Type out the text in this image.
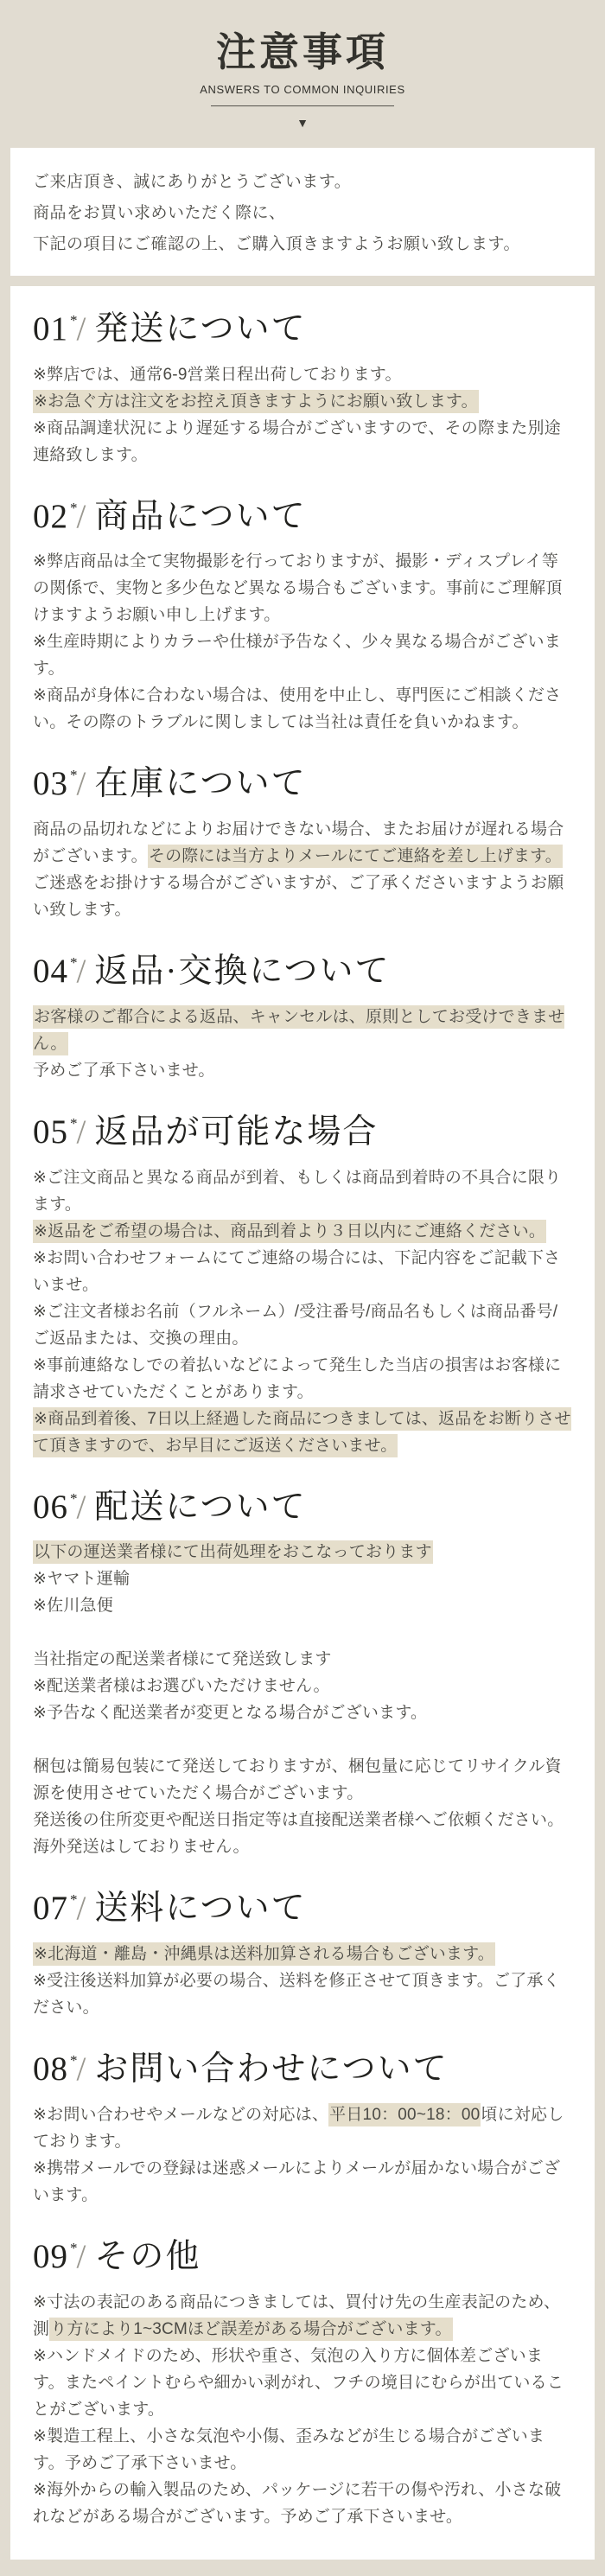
注意事項
ANSWERS TO COMMON INQUIRIES
▼

ご来店頂き、誠にありがとうございます。

商品をお買い求めいただく際に、

下記の項目にご確認の上、ご購入頂きますようお願い致します。

01 */ 発送について

※弊店では、通常6-9営業日程出荷しております。

※お急ぐ方は注文をお控え頂きますようにお願い致します。

※商品調達状況により遅延する場合がございますので、その際また別途連絡致します。

02 */ 商品について

※弊店商品は全て実物撮影を行っておりますが、撮影・ディスプレイ等の関係で、実物と多少色など異なる場合もございます。事前にご理解頂けますようお願い申し上げます。

※生産時期によりカラーや仕様が予告なく、少々異なる場合がございます。

※商品が身体に合わない場合は、使用を中止し、専門医にご相談ください。その際のトラブルに関しましては当社は責任を負いかねます。

03 */ 在庫について

商品の品切れなどによりお届けできない場合、またお届けが遅れる場合がございます。その際には当方よりメールにてご連絡を差し上げます。ご迷惑をお掛けする場合がございますが、ご了承くださいますようお願い致します。

04 */ 返品·交換について

お客様のご都合による返品、キャンセルは、原則としてお受けできません。

予めご了承下さいませ。

05 */ 返品が可能な場合

※ご注文商品と異なる商品が到着、もしくは商品到着時の不具合に限ります。

※返品をご希望の場合は、商品到着より３日以内にご連絡ください。

※お問い合わせフォームにてご連絡の場合には、下記内容をご記載下さいませ。

※ご注文者様お名前（フルネーム）/受注番号/商品名もしくは商品番号/ご返品または、交換の理由。

※事前連絡なしでの着払いなどによって発生した当店の損害はお客様に請求させていただくことがあります。

※商品到着後、7日以上経過した商品につきましては、返品をお断りさせて頂きますので、お早目にご返送くださいませ。

06 */ 配送について

以下の運送業者様にて出荷処理をおこなっております

※ヤマト運輸

※佐川急便

当社指定の配送業者様にて発送致します

※配送業者様はお選びいただけません。

※予告なく配送業者が変更となる場合がございます。

梱包は簡易包装にて発送しておりますが、梱包量に応じてリサイクル資源を使用させていただく場合がございます。

発送後の住所変更や配送日指定等は直接配送業者様へご依頼ください。

海外発送はしておりません。

07 */ 送料について

※北海道・離島・沖縄県は送料加算される場合もございます。

※受注後送料加算が必要の場合、送料を修正させて頂きます。ご了承ください。

08 */ お問い合わせについて

※お問い合わせやメールなどの対応は、平日10：00~18：00頃に対応しております。

※携帯メールでの登録は迷惑メールによりメールが届かない場合がございます。

09 */ その他

※寸法の表記のある商品につきましては、買付け先の生産表記のため、測り方により1~3CMほど誤差がある場合がございます。

※ハンドメイドのため、形状や重さ、気泡の入り方に個体差ございます。またペイントむらや細かい剥がれ、フチの境目にむらが出ていることがございます。

※製造工程上、小さな気泡や小傷、歪みなどが生じる場合がございます。予めご了承下さいませ。

※海外からの輸入製品のため、パッケージに若干の傷や汚れ、小さな破れなどがある場合がございます。予めご了承下さいませ。
